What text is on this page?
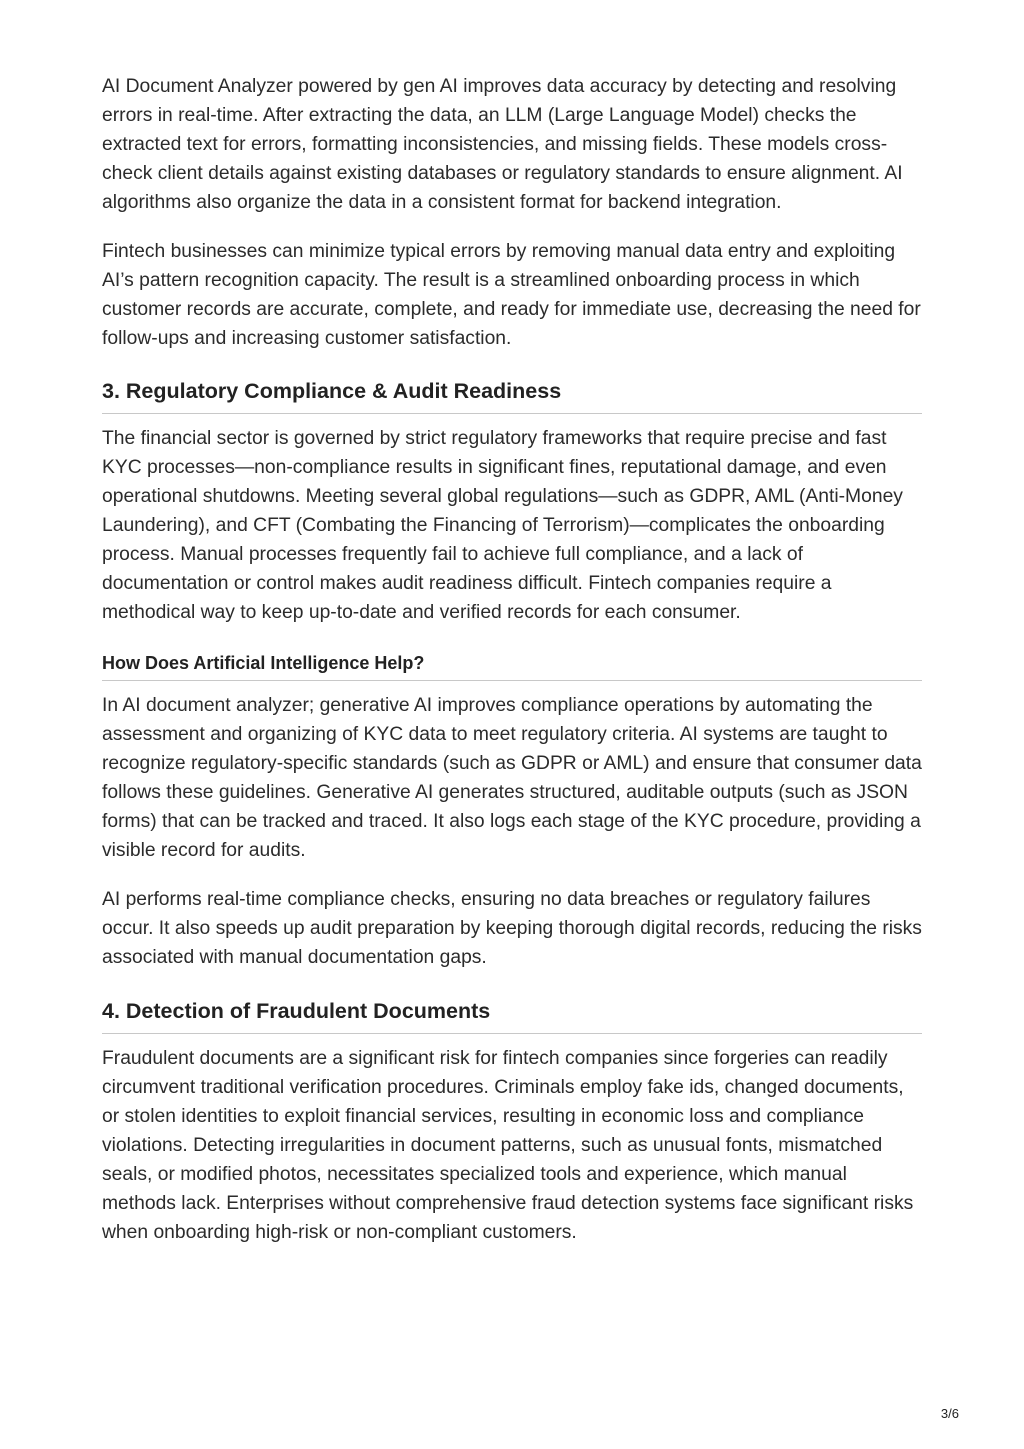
AI Document Analyzer powered by gen AI improves data accuracy by detecting and resolving errors in real-time. After extracting the data, an LLM (Large Language Model) checks the extracted text for errors, formatting inconsistencies, and missing fields. These models cross-check client details against existing databases or regulatory standards to ensure alignment. AI algorithms also organize the data in a consistent format for backend integration.

Fintech businesses can minimize typical errors by removing manual data entry and exploiting AI’s pattern recognition capacity. The result is a streamlined onboarding process in which customer records are accurate, complete, and ready for immediate use, decreasing the need for follow-ups and increasing customer satisfaction.

3. Regulatory Compliance & Audit Readiness

The financial sector is governed by strict regulatory frameworks that require precise and fast KYC processes—non-compliance results in significant fines, reputational damage, and even operational shutdowns. Meeting several global regulations—such as GDPR, AML (Anti-Money Laundering), and CFT (Combating the Financing of Terrorism)—complicates the onboarding process. Manual processes frequently fail to achieve full compliance, and a lack of documentation or control makes audit readiness difficult. Fintech companies require a methodical way to keep up-to-date and verified records for each consumer.

How Does Artificial Intelligence Help?

In AI document analyzer; generative AI improves compliance operations by automating the assessment and organizing of KYC data to meet regulatory criteria. AI systems are taught to recognize regulatory-specific standards (such as GDPR or AML) and ensure that consumer data follows these guidelines. Generative AI generates structured, auditable outputs (such as JSON forms) that can be tracked and traced. It also logs each stage of the KYC procedure, providing a visible record for audits.

AI performs real-time compliance checks, ensuring no data breaches or regulatory failures occur. It also speeds up audit preparation by keeping thorough digital records, reducing the risks associated with manual documentation gaps.

4. Detection of Fraudulent Documents

Fraudulent documents are a significant risk for fintech companies since forgeries can readily circumvent traditional verification procedures. Criminals employ fake ids, changed documents, or stolen identities to exploit financial services, resulting in economic loss and compliance violations. Detecting irregularities in document patterns, such as unusual fonts, mismatched seals, or modified photos, necessitates specialized tools and experience, which manual methods lack. Enterprises without comprehensive fraud detection systems face significant risks when onboarding high-risk or non-compliant customers.

3/6
